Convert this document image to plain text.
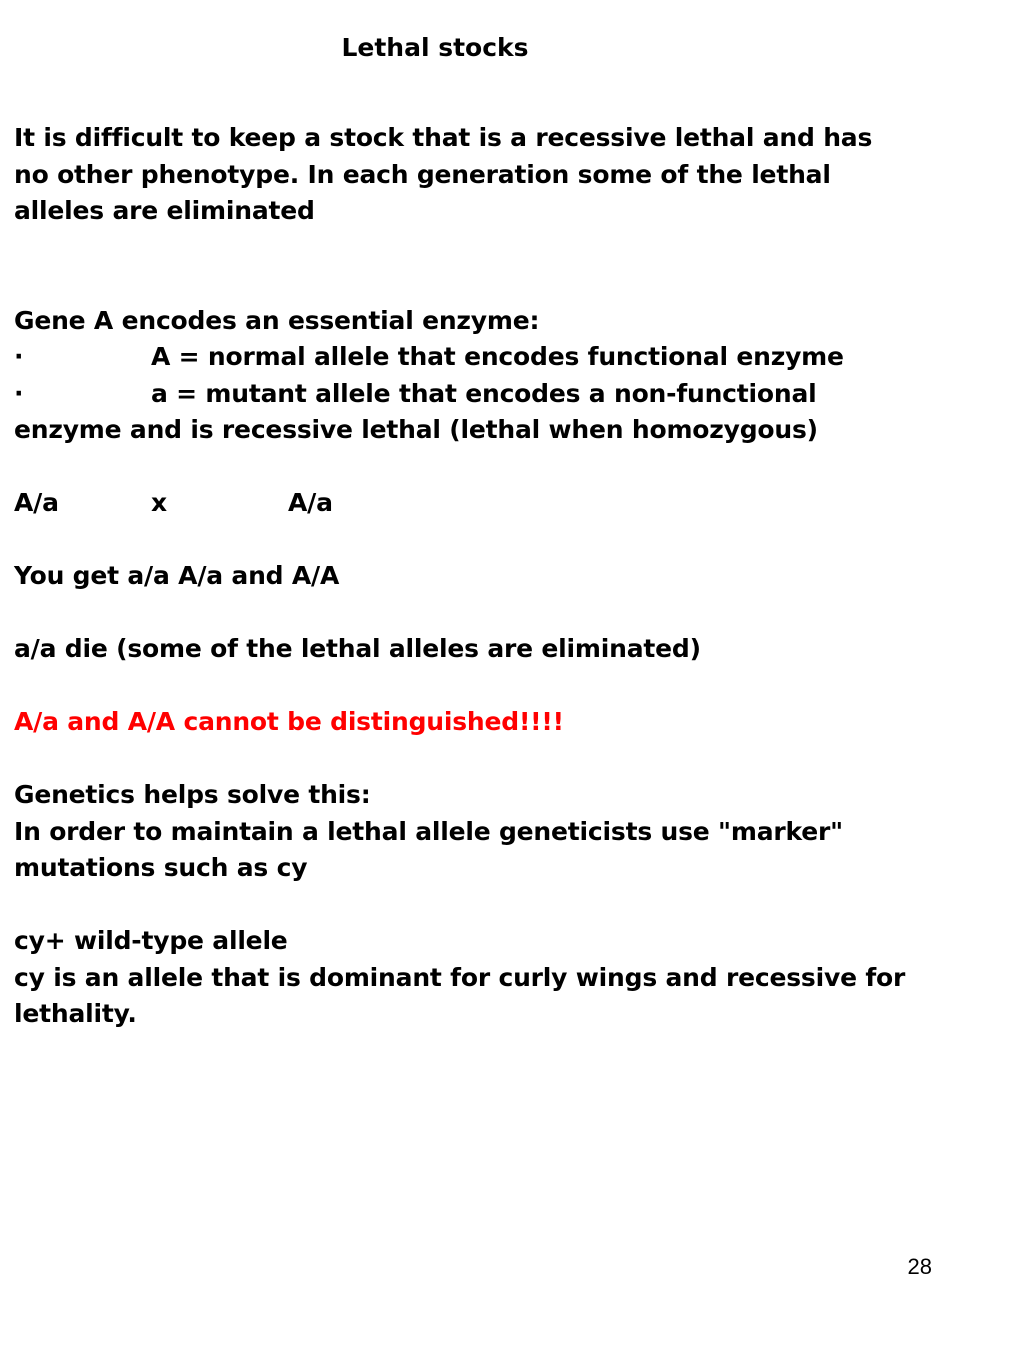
Lethal stocks
It is difficult to keep a stock that is a recessive lethal and has
no other phenotype. In each generation some of the lethal
alleles are eliminated
Gene A encodes an essential enzyme:
·	A = normal allele that encodes functional enzyme
·	a = mutant allele that encodes a non-functional
enzyme and is recessive lethal (lethal when homozygous)
A/a	x	A/a
You get a/a A/a and A/A
a/a die (some of the lethal alleles are eliminated)
A/a and A/A cannot be distinguished!!!!
Genetics helps solve this:
In order to maintain a lethal allele geneticists use "marker"
mutations such as cy
cy+ wild-type allele
cy is an allele that is dominant for curly wings and recessive for
lethality.
28
